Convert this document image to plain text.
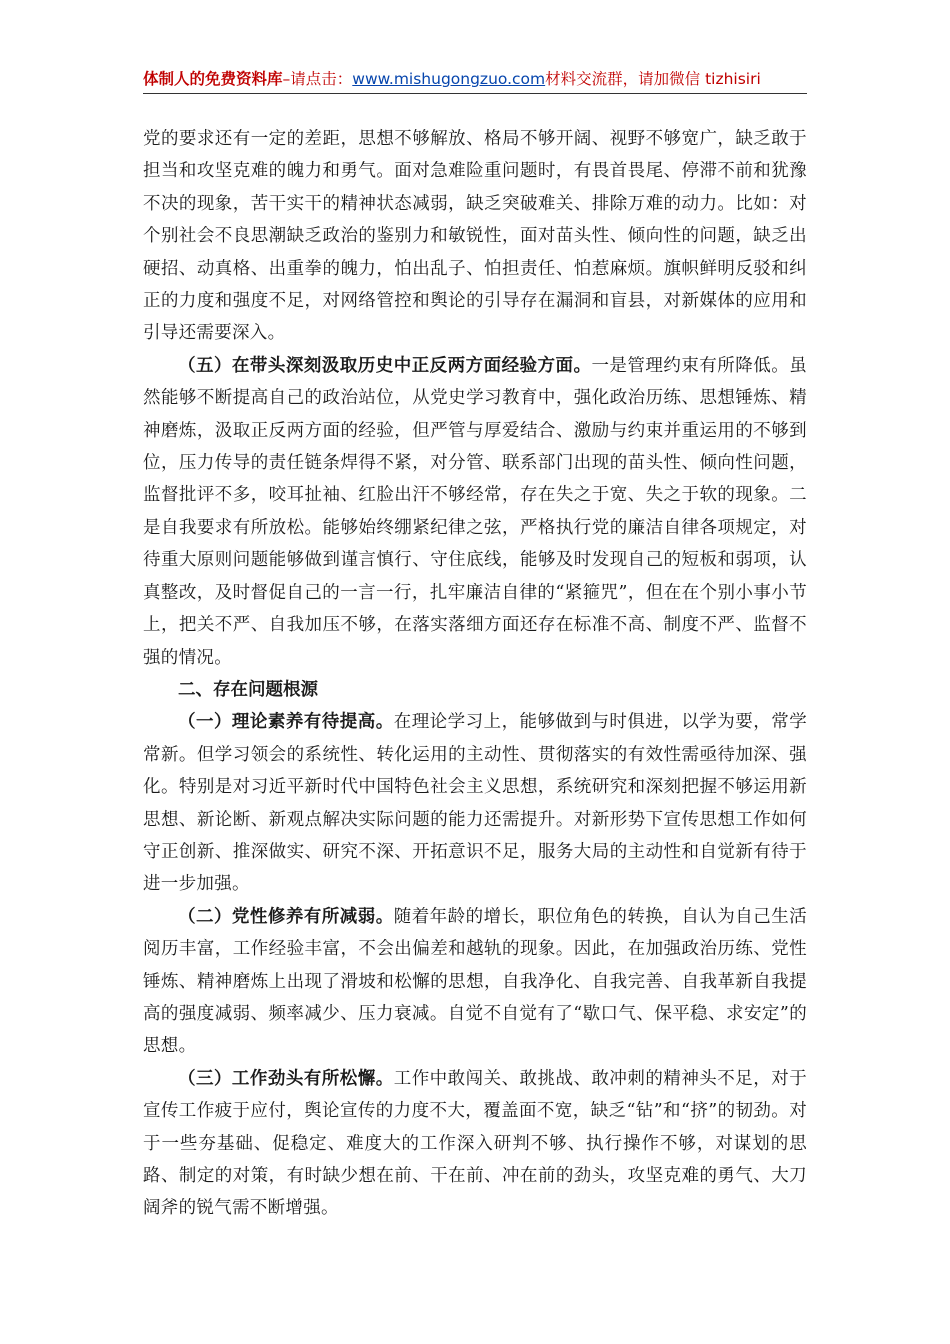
体制人的免费资料库–请点击：www.mishugongzuo.com材料交流群，请加微信 tizhisiri

党的要求还有一定的差距，思想不够解放、格局不够开阔、视野不够宽广，缺乏敢于担当和攻坚克难的魄力和勇气。面对急难险重问题时，有畏首畏尾、停滞不前和犹豫不决的现象，苦干实干的精神状态减弱，缺乏突破难关、排除万难的动力。比如：对个别社会不良思潮缺乏政治的鉴别力和敏锐性，面对苗头性、倾向性的问题，缺乏出硬招、动真格、出重拳的魄力，怕出乱子、怕担责任、怕惹麻烦。旗帜鲜明反驳和纠正的力度和强度不足，对网络管控和舆论的引导存在漏洞和盲县，对新媒体的应用和引导还需要深入。

（五）在带头深刻汲取历史中正反两方面经验方面。一是管理约束有所降低。虽然能够不断提高自己的政治站位，从党史学习教育中，强化政治历练、思想锤炼、精神磨炼，汲取正反两方面的经验，但严管与厚爱结合、激励与约束并重运用的不够到位，压力传导的责任链条焊得不紧，对分管、联系部门出现的苗头性、倾向性问题，监督批评不多，咬耳扯袖、红脸出汗不够经常，存在失之于宽、失之于软的现象。二是自我要求有所放松。能够始终绷紧纪律之弦，严格执行党的廉洁自律各项规定，对待重大原则问题能够做到谨言慎行、守住底线，能够及时发现自己的短板和弱项，认真整改，及时督促自己的一言一行，扎牢廉洁自律的“紧箍咒”，但在在个别小事小节上，把关不严、自我加压不够，在落实落细方面还存在标准不高、制度不严、监督不强的情况。

二、存在问题根源

（一）理论素养有待提高。在理论学习上，能够做到与时俱进，以学为要，常学常新。但学习领会的系统性、转化运用的主动性、贯彻落实的有效性需亟待加深、强化。特别是对习近平新时代中国特色社会主义思想，系统研究和深刻把握不够运用新思想、新论断、新观点解决实际问题的能力还需提升。对新形势下宣传思想工作如何守正创新、推深做实、研究不深、开拓意识不足，服务大局的主动性和自觉新有待于进一步加强。

（二）党性修养有所减弱。随着年龄的增长，职位角色的转换，自认为自己生活阅历丰富，工作经验丰富，不会出偏差和越轨的现象。因此，在加强政治历练、党性锤炼、精神磨炼上出现了滑坡和松懈的思想，自我净化、自我完善、自我革新自我提高的强度减弱、频率减少、压力衰减。自觉不自觉有了“歇口气、保平稳、求安定”的思想。

（三）工作劲头有所松懈。工作中敢闯关、敢挑战、敢冲刺的精神头不足，对于宣传工作疲于应付，舆论宣传的力度不大，覆盖面不宽，缺乏“钻”和“挤”的韧劲。对于一些夯基础、促稳定、难度大的工作深入研判不够、执行操作不够，对谋划的思路、制定的对策，有时缺少想在前、干在前、冲在前的劲头，攻坚克难的勇气、大刀阔斧的锐气需不断增强。
